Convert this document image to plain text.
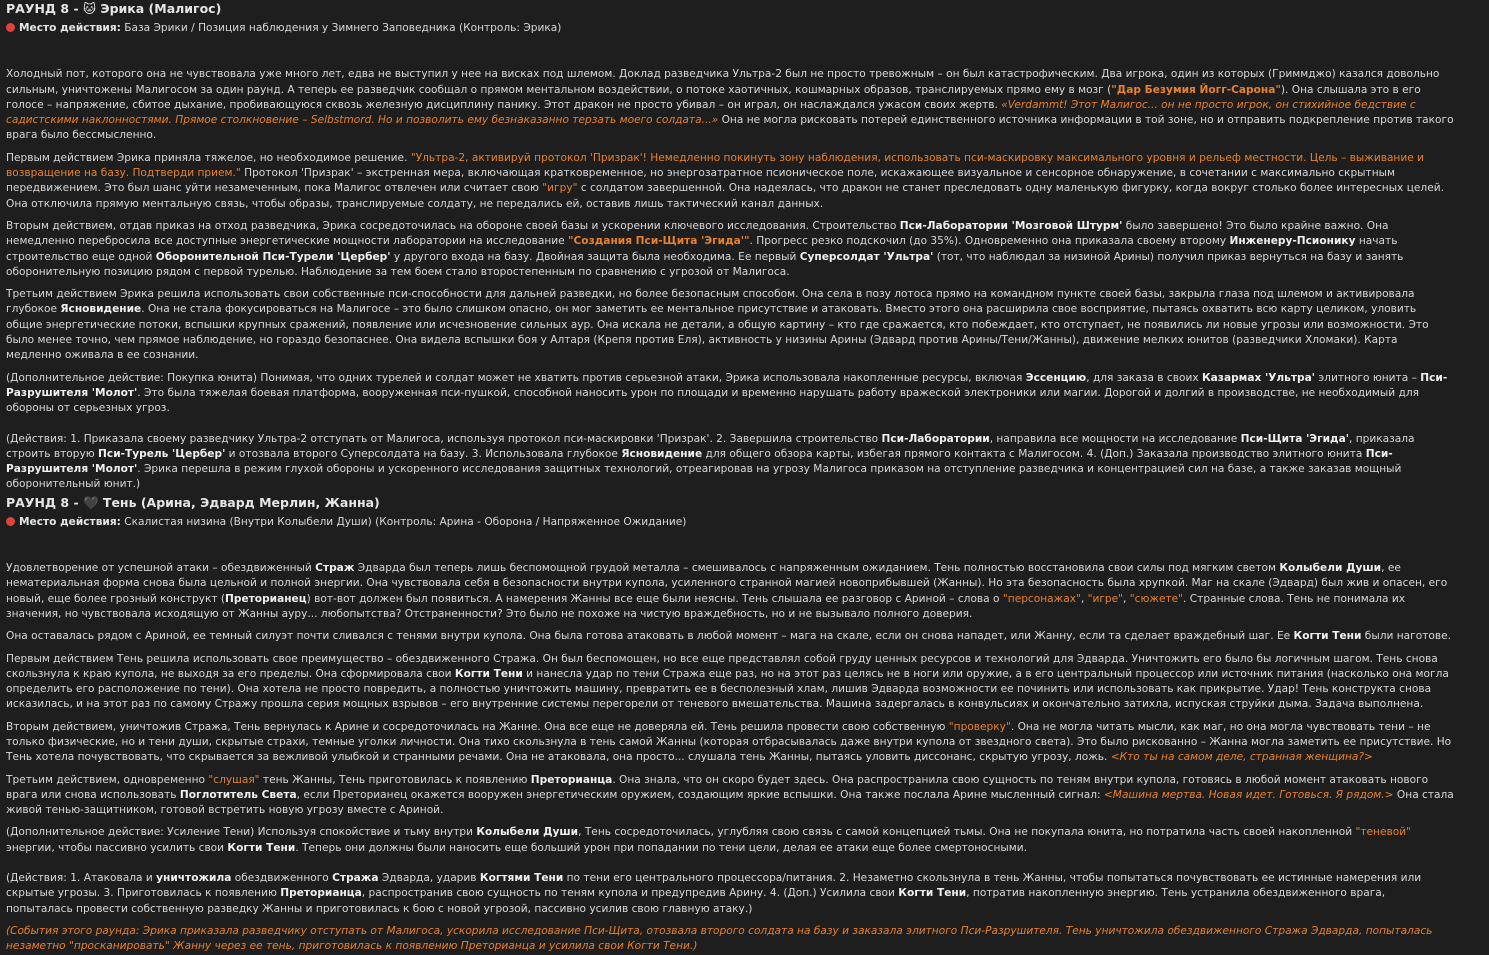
РАУНД 8 - 🐱 Эрика (Малигос)
Место действия: База Эрики / Позиция наблюдения у Зимнего Заповедника (Контроль: Эрика)

Холодный пот, которого она не чувствовала уже много лет, едва не выступил у нее на висках под шлемом. Доклад разведчика Ультра-2 был не просто тревожным – он был катастрофическим. Два игрока, один из которых (Гриммджо) казался довольно сильным, уничтожены Малигосом за один раунд. А теперь ее разведчик сообщал о прямом ментальном воздействии, о потоке хаотичных, кошмарных образов, транслируемых прямо ему в мозг ("Дар Безумия Йогг-Сарона"). Она слышала это в его голосе – напряжение, сбитое дыхание, пробивающуюся сквозь железную дисциплину панику. Этот дракон не просто убивал – он играл, он наслаждался ужасом своих жертв. «Verdammt! Этот Малигос... он не просто игрок, он стихийное бедствие с садистскими наклонностями. Прямое столкновение – Selbstmord. Но и позволить ему безнаказанно терзать моего солдата...» Она не могла рисковать потерей единственного источника информации в той зоне, но и отправить подкрепление против такого врага было бессмысленно.

Первым действием Эрика приняла тяжелое, но необходимое решение. "Ультра-2, активируй протокол 'Призрак'! Немедленно покинуть зону наблюдения, использовать пси-маскировку максимального уровня и рельеф местности. Цель – выживание и возвращение на базу. Подтверди прием." Протокол 'Призрак' – экстренная мера, включающая кратковременное, но энергозатратное псионическое поле, искажающее визуальное и сенсорное обнаружение, в сочетании с максимально скрытным передвижением. Это был шанс уйти незамеченным, пока Малигос отвлечен или считает свою "игру" с солдатом завершенной. Она надеялась, что дракон не станет преследовать одну маленькую фигурку, когда вокруг столько более интересных целей. Она отключила прямую ментальную связь, чтобы образы, транслируемые солдату, не передались ей, оставив лишь тактический канал данных.

Вторым действием, отдав приказ на отход разведчика, Эрика сосредоточилась на обороне своей базы и ускорении ключевого исследования. Строительство Пси-Лаборатории 'Мозговой Штурм' было завершено! Это было крайне важно. Она немедленно перебросила все доступные энергетические мощности лаборатории на исследование "Создания Пси-Щита 'Эгида'". Прогресс резко подскочил (до 35%). Одновременно она приказала своему второму Инженеру-Псионику начать строительство еще одной Оборонительной Пси-Турели 'Цербер' у другого входа на базу. Двойная защита была необходима. Ее первый Суперсолдат 'Ультра' (тот, что наблюдал за низиной Арины) получил приказ вернуться на базу и занять оборонительную позицию рядом с первой турелью. Наблюдение за тем боем стало второстепенным по сравнению с угрозой от Малигоса.

Третьим действием Эрика решила использовать свои собственные пси-способности для дальней разведки, но более безопасным способом. Она села в позу лотоса прямо на командном пункте своей базы, закрыла глаза под шлемом и активировала глубокое Ясновидение. Она не стала фокусироваться на Малигосе – это было слишком опасно, он мог заметить ее ментальное присутствие и атаковать. Вместо этого она расширила свое восприятие, пытаясь охватить всю карту целиком, уловить общие энергетические потоки, вспышки крупных сражений, появление или исчезновение сильных аур. Она искала не детали, а общую картину – кто где сражается, кто побеждает, кто отступает, не появились ли новые угрозы или возможности. Это было менее точно, чем прямое наблюдение, но гораздо безопаснее. Она видела вспышки боя у Алтаря (Крепя против Еля), активность у низины Арины (Эдвард против Арины/Тени/Жанны), движение мелких юнитов (разведчики Хломаки). Карта медленно оживала в ее сознании.

(Дополнительное действие: Покупка юнита) Понимая, что одних турелей и солдат может не хватить против серьезной атаки, Эрика использовала накопленные ресурсы, включая Эссенцию, для заказа в своих Казармах 'Ультра' элитного юнита – Пси-Разрушителя 'Молот'. Это была тяжелая боевая платформа, вооруженная пси-пушкой, способной наносить урон по площади и временно нарушать работу вражеской электроники или магии. Дорогой и долгий в производстве, не необходимый для обороны от серьезных угроз.

(Действия: 1. Приказала своему разведчику Ультра-2 отступать от Малигоса, используя протокол пси-маскировки 'Призрак'. 2. Завершила строительство Пси-Лаборатории, направила все мощности на исследование Пси-Щита 'Эгида', приказала строить вторую Пси-Турель 'Цербер' и отозвала второго Суперсолдата на базу. 3. Использовала глубокое Ясновидение для общего обзора карты, избегая прямого контакта с Малигосом. 4. (Доп.) Заказала производство элитного юнита Пси-Разрушителя 'Молот'. Эрика перешла в режим глухой обороны и ускоренного исследования защитных технологий, отреагировав на угрозу Малигоса приказом на отступление разведчика и концентрацией сил на базе, а также заказав мощный оборонительный юнит.)

РАУНД 8 - 🖤 Тень (Арина, Эдвард Мерлин, Жанна)
Место действия: Скалистая низина (Внутри Колыбели Души) (Контроль: Арина - Оборона / Напряженное Ожидание)

Удовлетворение от успешной атаки – обездвиженный Страж Эдварда был теперь лишь беспомощной грудой металла – смешивалось с напряженным ожиданием. Тень полностью восстановила свои силы под мягким светом Колыбели Души, ее нематериальная форма снова была цельной и полной энергии. Она чувствовала себя в безопасности внутри купола, усиленного странной магией новоприбывшей (Жанны). Но эта безопасность была хрупкой. Маг на скале (Эдвард) был жив и опасен, его новый, еще более грозный конструкт (Преторианец) вот-вот должен был появиться. А намерения Жанны все еще были неясны. Тень слышала ее разговор с Ариной – слова о "персонажах", "игре", "сюжете". Странные слова. Тень не понимала их значения, но чувствовала исходящую от Жанны ауру... любопытства? Отстраненности? Это было не похоже на чистую враждебность, но и не вызывало полного доверия.

Она оставалась рядом с Ариной, ее темный силуэт почти сливался с тенями внутри купола. Она была готова атаковать в любой момент – мага на скале, если он снова нападет, или Жанну, если та сделает враждебный шаг. Ее Когти Тени были наготове.

Первым действием Тень решила использовать свое преимущество – обездвиженного Стража. Он был беспомощен, но все еще представлял собой груду ценных ресурсов и технологий для Эдварда. Уничтожить его было бы логичным шагом. Тень снова скользнула к краю купола, не выходя за его пределы. Она сформировала свои Когти Тени и нанесла удар по тени Стража еще раз, но на этот раз целясь не в ноги или оружие, а в его центральный процессор или источник питания (насколько она могла определить его расположение по тени). Она хотела не просто повредить, а полностью уничтожить машину, превратить ее в бесполезный хлам, лишив Эдварда возможности ее починить или использовать как прикрытие. Удар! Тень конструкта снова исказилась, и на этот раз по самому Стражу прошла серия мощных взрывов – его внутренние системы перегорели от теневого вмешательства. Машина задергалась в конвульсиях и окончательно затихла, испуская струйки дыма. Задача выполнена.

Вторым действием, уничтожив Стража, Тень вернулась к Арине и сосредоточилась на Жанне. Она все еще не доверяла ей. Тень решила провести свою собственную "проверку". Она не могла читать мысли, как маг, но она могла чувствовать тени – не только физические, но и тени души, скрытые страхи, темные уголки личности. Она тихо скользнула в тень самой Жанны (которая отбрасывалась даже внутри купола от звездного света). Это было рискованно – Жанна могла заметить ее присутствие. Но Тень хотела почувствовать, что скрывается за вежливой улыбкой и странными речами. Она не атаковала, она просто... слушала тень Жанны, пытаясь уловить диссонанс, скрытую угрозу, ложь. <Кто ты на самом деле, странная женщина?>

Третьим действием, одновременно "слушая" тень Жанны, Тень приготовилась к появлению Преторианца. Она знала, что он скоро будет здесь. Она распространила свою сущность по теням внутри купола, готовясь в любой момент атаковать нового врага или снова использовать Поглотитель Света, если Преторианец окажется вооружен энергетическим оружием, создающим яркие вспышки. Она также послала Арине мысленный сигнал: <Машина мертва. Новая идет. Готовься. Я рядом.> Она стала живой тенью-защитником, готовой встретить новую угрозу вместе с Ариной.

(Дополнительное действие: Усиление Тени) Используя спокойствие и тьму внутри Колыбели Души, Тень сосредоточилась, углубляя свою связь с самой концепцией тьмы. Она не покупала юнита, но потратила часть своей накопленной "теневой" энергии, чтобы пассивно усилить свои Когти Тени. Теперь они должны были наносить еще больший урон при попадании по тени цели, делая ее атаки еще более смертоносными.

(Действия: 1. Атаковала и уничтожила обездвиженного Стража Эдварда, ударив Когтями Тени по тени его центрального процессора/питания. 2. Незаметно скользнула в тень Жанны, чтобы попытаться почувствовать ее истинные намерения или скрытые угрозы. 3. Приготовилась к появлению Преторианца, распространив свою сущность по теням купола и предупредив Арину. 4. (Доп.) Усилила свои Когти Тени, потратив накопленную энергию. Тень устранила обездвиженного врага, попыталась провести собственную разведку Жанны и приготовилась к бою с новой угрозой, пассивно усилив свою главную атаку.)

(События этого раунда: Эрика приказала разведчику отступать от Малигоса, ускорила исследование Пси-Щита, отозвала второго солдата на базу и заказала элитного Пси-Разрушителя. Тень уничтожила обездвиженного Стража Эдварда, попыталась незаметно "просканировать" Жанну через ее тень, приготовилась к появлению Преторианца и усилила свои Когти Тени.)
